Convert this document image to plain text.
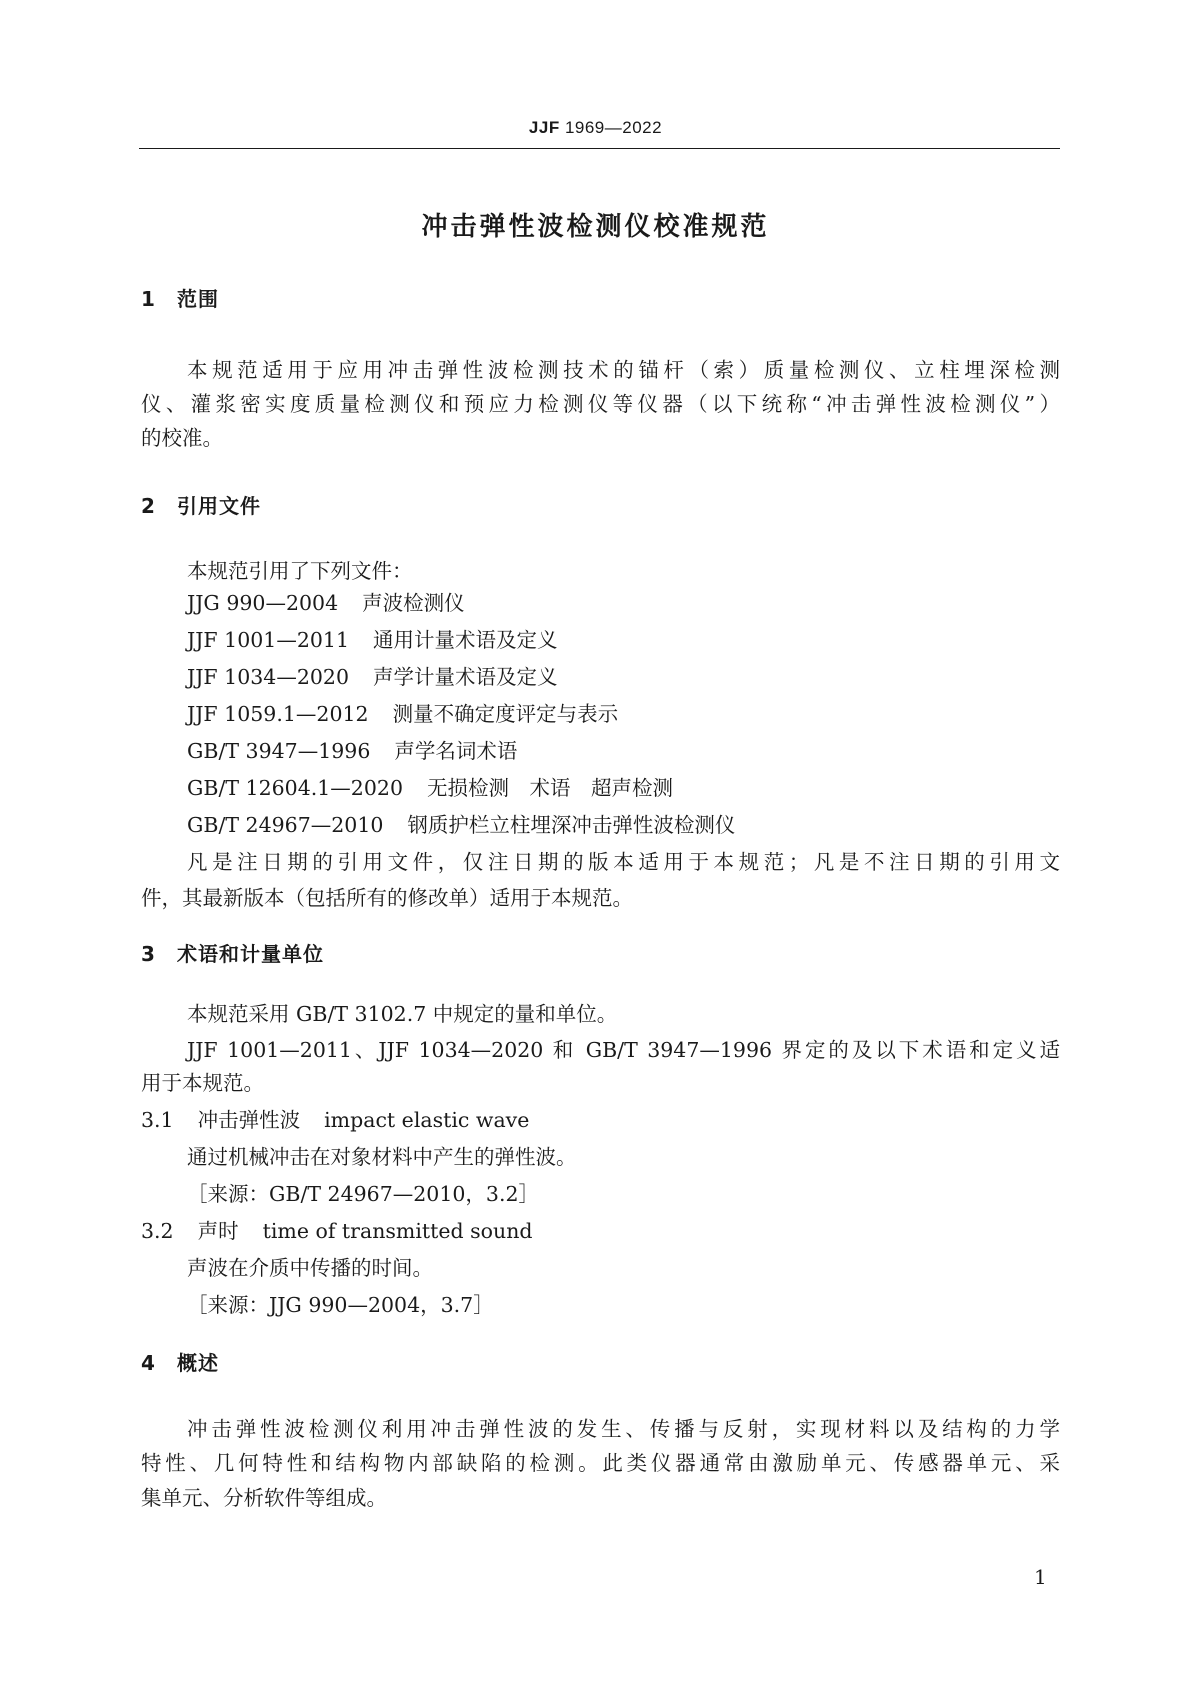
JJF 1969—2022
冲击弹性波检测仪校准规范
1 范围
本规范适用于应用冲击弹性波检测技术的锚杆（索）质量检测仪、立柱埋深检测
仪、灌浆密实度质量检测仪和预应力检测仪等仪器（以下统称“冲击弹性波检测仪”）
的校准。
2 引用文件
本规范引用了下列文件：
JJG 990—2004 声波检测仪
JJF 1001—2011 通用计量术语及定义
JJF 1034—2020 声学计量术语及定义
JJF 1059.1—2012 测量不确定度评定与表示
GB/T 3947—1996 声学名词术语
GB/T 12604.1—2020 无损检测　术语　超声检测
GB/T 24967—2010 钢质护栏立柱埋深冲击弹性波检测仪
凡是注日期的引用文件，仅注日期的版本适用于本规范；凡是不注日期的引用文
件，其最新版本（包括所有的修改单）适用于本规范。
3 术语和计量单位
本规范采用 GB/T 3102.7 中规定的量和单位。
JJF 1001—2011、JJF 1034—2020 和 GB/T 3947—1996 界定的及以下术语和定义适
用于本规范。
3.1 冲击弹性波 impact elastic wave
通过机械冲击在对象材料中产生的弹性波。
［来源：GB/T 24967—2010，3.2］
3.2 声时 time of transmitted sound
声波在介质中传播的时间。
［来源：JJG 990—2004，3.7］
4 概述
冲击弹性波检测仪利用冲击弹性波的发生、传播与反射，实现材料以及结构的力学
特性、几何特性和结构物内部缺陷的检测。此类仪器通常由激励单元、传感器单元、采
集单元、分析软件等组成。
1
